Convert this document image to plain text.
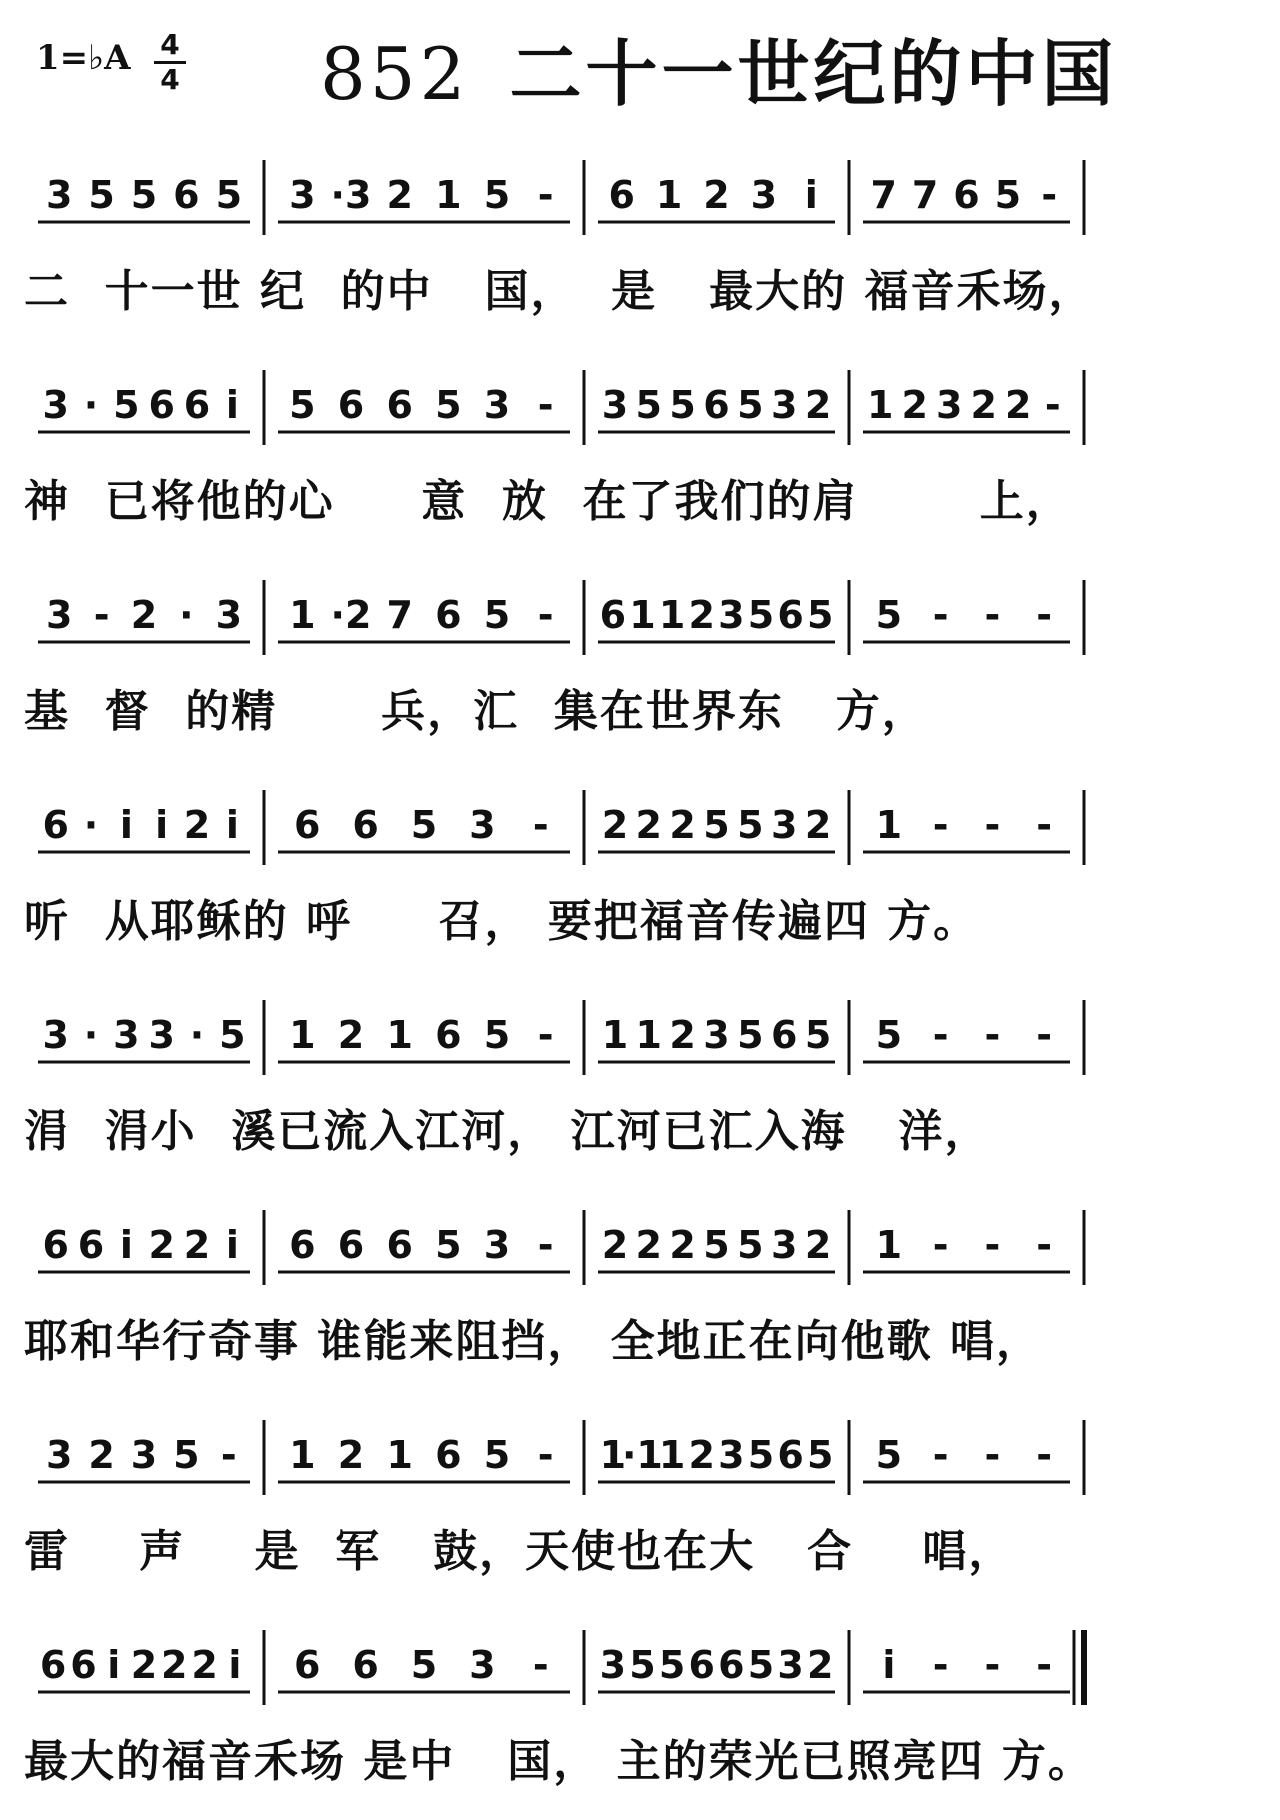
1=♭A	4
4 852 二十一世纪的中国
3 5 5 6 5 3 ·3 2 1 5 - 6 1 2 3 i 7 7 6 5 -
二  十一世 纪  的中   国，  是   最大的 福音禾场，
3 · 5 6 6 i 5 6 6 5 3 - 3 5 5 6 5 3 2 1 2 3 2 2 -
神  已将他的心     意  放  在了我们的肩       上，
3 - 2 · 3 1 ·2 7 6 5 - 6 1 1 2 3 5 6 5 5 - - -
基  督  的精      兵，汇  集在世界东   方，
6 · i i 2 i 6 6 5 3 - 2 2 2 5 5 3 2 1 - - -
听  从耶稣的 呼     召， 要把福音传遍四 方。
3 · 3 3 · 5 1 2 1 6 5 - 1 1 2 3 5 6 5 5 - - -
涓  涓小  溪已流入江河， 江河已汇入海   洋，
6 6 i 2 2 i 6 6 6 5 3 - 2 2 2 5 5 3 2 1 - - -
耶和华行奇事 谁能来阻挡， 全地正在向他歌 唱，
3 2 3 5 - 1 2 1 6 5 - 1
·1
1 2 3 5 6 5 5 - - -
雷    声    是  军   鼓，天使也在大   合    唱，
6 6 i 2 2 2 i 6 6 5 3 - 3 5 5 6 6 5 3 2 i - - -
最大的福音禾场 是中   国， 主的荣光已照亮四 方。
